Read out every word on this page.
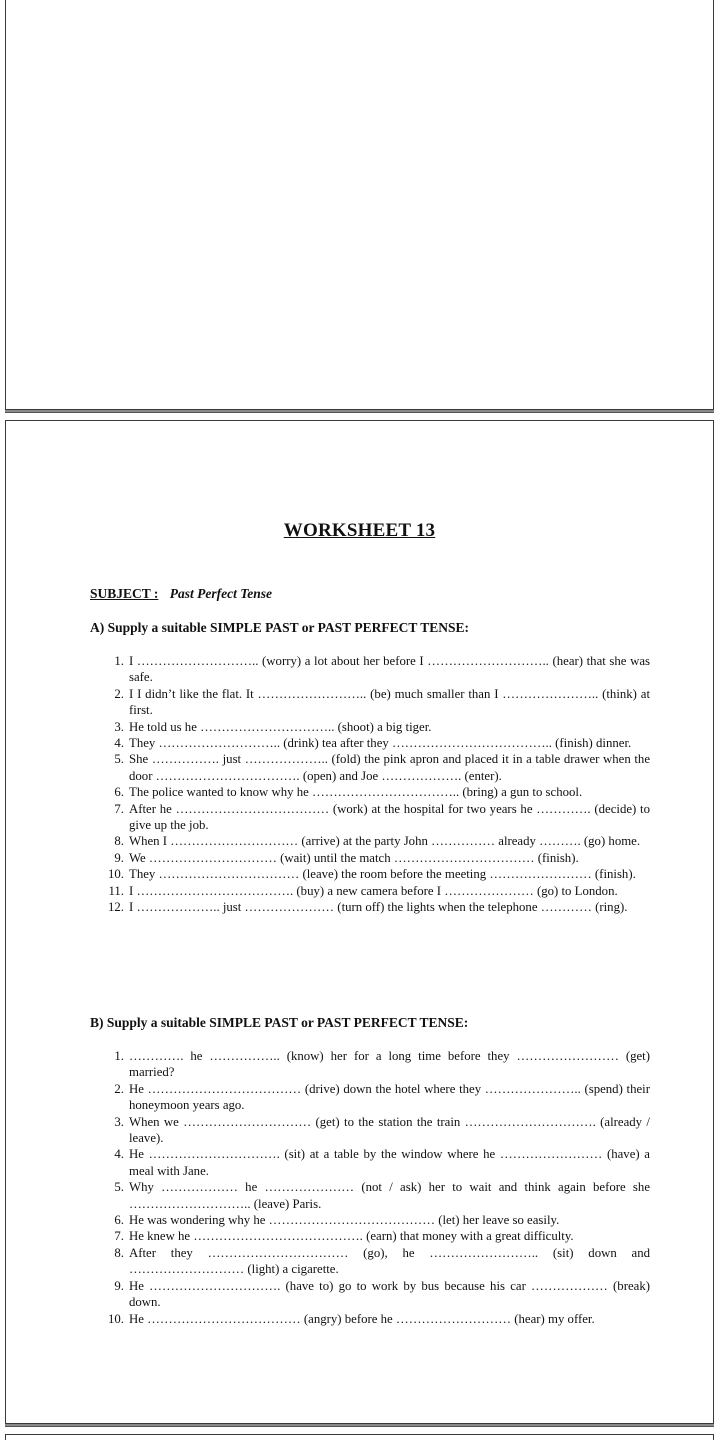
WORKSHEET 13
SUBJECT : Past Perfect Tense
A) Supply a suitable SIMPLE PAST or PAST PERFECT TENSE:
1. I ……………………….. (worry) a lot about her before I ……………………….. (hear) that she was safe.
2. I I didn’t like the flat. It …………………….. (be) much smaller than I ………………….. (think) at first.
3. He told us he ………………………….. (shoot) a big tiger.
4. They ……………………….. (drink) tea after they ……………………………….. (finish) dinner.
5. She ……………. just ……………….. (fold) the pink apron and placed it in a table drawer when the door ……………………………. (open) and Joe ………………. (enter).
6. The police wanted to know why he …………………………….. (bring) a gun to school.
7. After he ……………………………… (work) at the hospital for two years he …………. (decide) to give up the job.
8. When I ………………………… (arrive) at the party John …………… already ………. (go) home.
9. We ………………………… (wait) until the match …………………………… (finish).
10. They …………………………… (leave) the room before the meeting …………………… (finish).
11. I ………………………………. (buy) a new camera before I ………………… (go) to London.
12. I ……………….. just ………………… (turn off) the lights when the telephone ………… (ring).
B) Supply a suitable SIMPLE PAST or PAST PERFECT TENSE:
1. …………. he …………….. (know) her for a long time before they …………………… (get) married?
2. He ……………………………… (drive) down the hotel where they ………………….. (spend) their honeymoon years ago.
3. When we ………………………… (get) to the station the train …………………………. (already / leave).
4. He …………………………. (sit) at a table by the window where he …………………… (have) a meal with Jane.
5. Why ……………… he ………………… (not / ask) her to wait and think again before she ……………………….. (leave) Paris.
6. He was wondering why he ………………………………… (let) her leave so easily.
7. He knew he …………………………………. (earn) that money with a great difficulty.
8. After they …………………………… (go), he …………………….. (sit) down and ……………………… (light) a cigarette.
9. He …………………………. (have to) go to work by bus because his car ……………… (break) down.
10. He ……………………………… (angry) before he ……………………… (hear) my offer.
